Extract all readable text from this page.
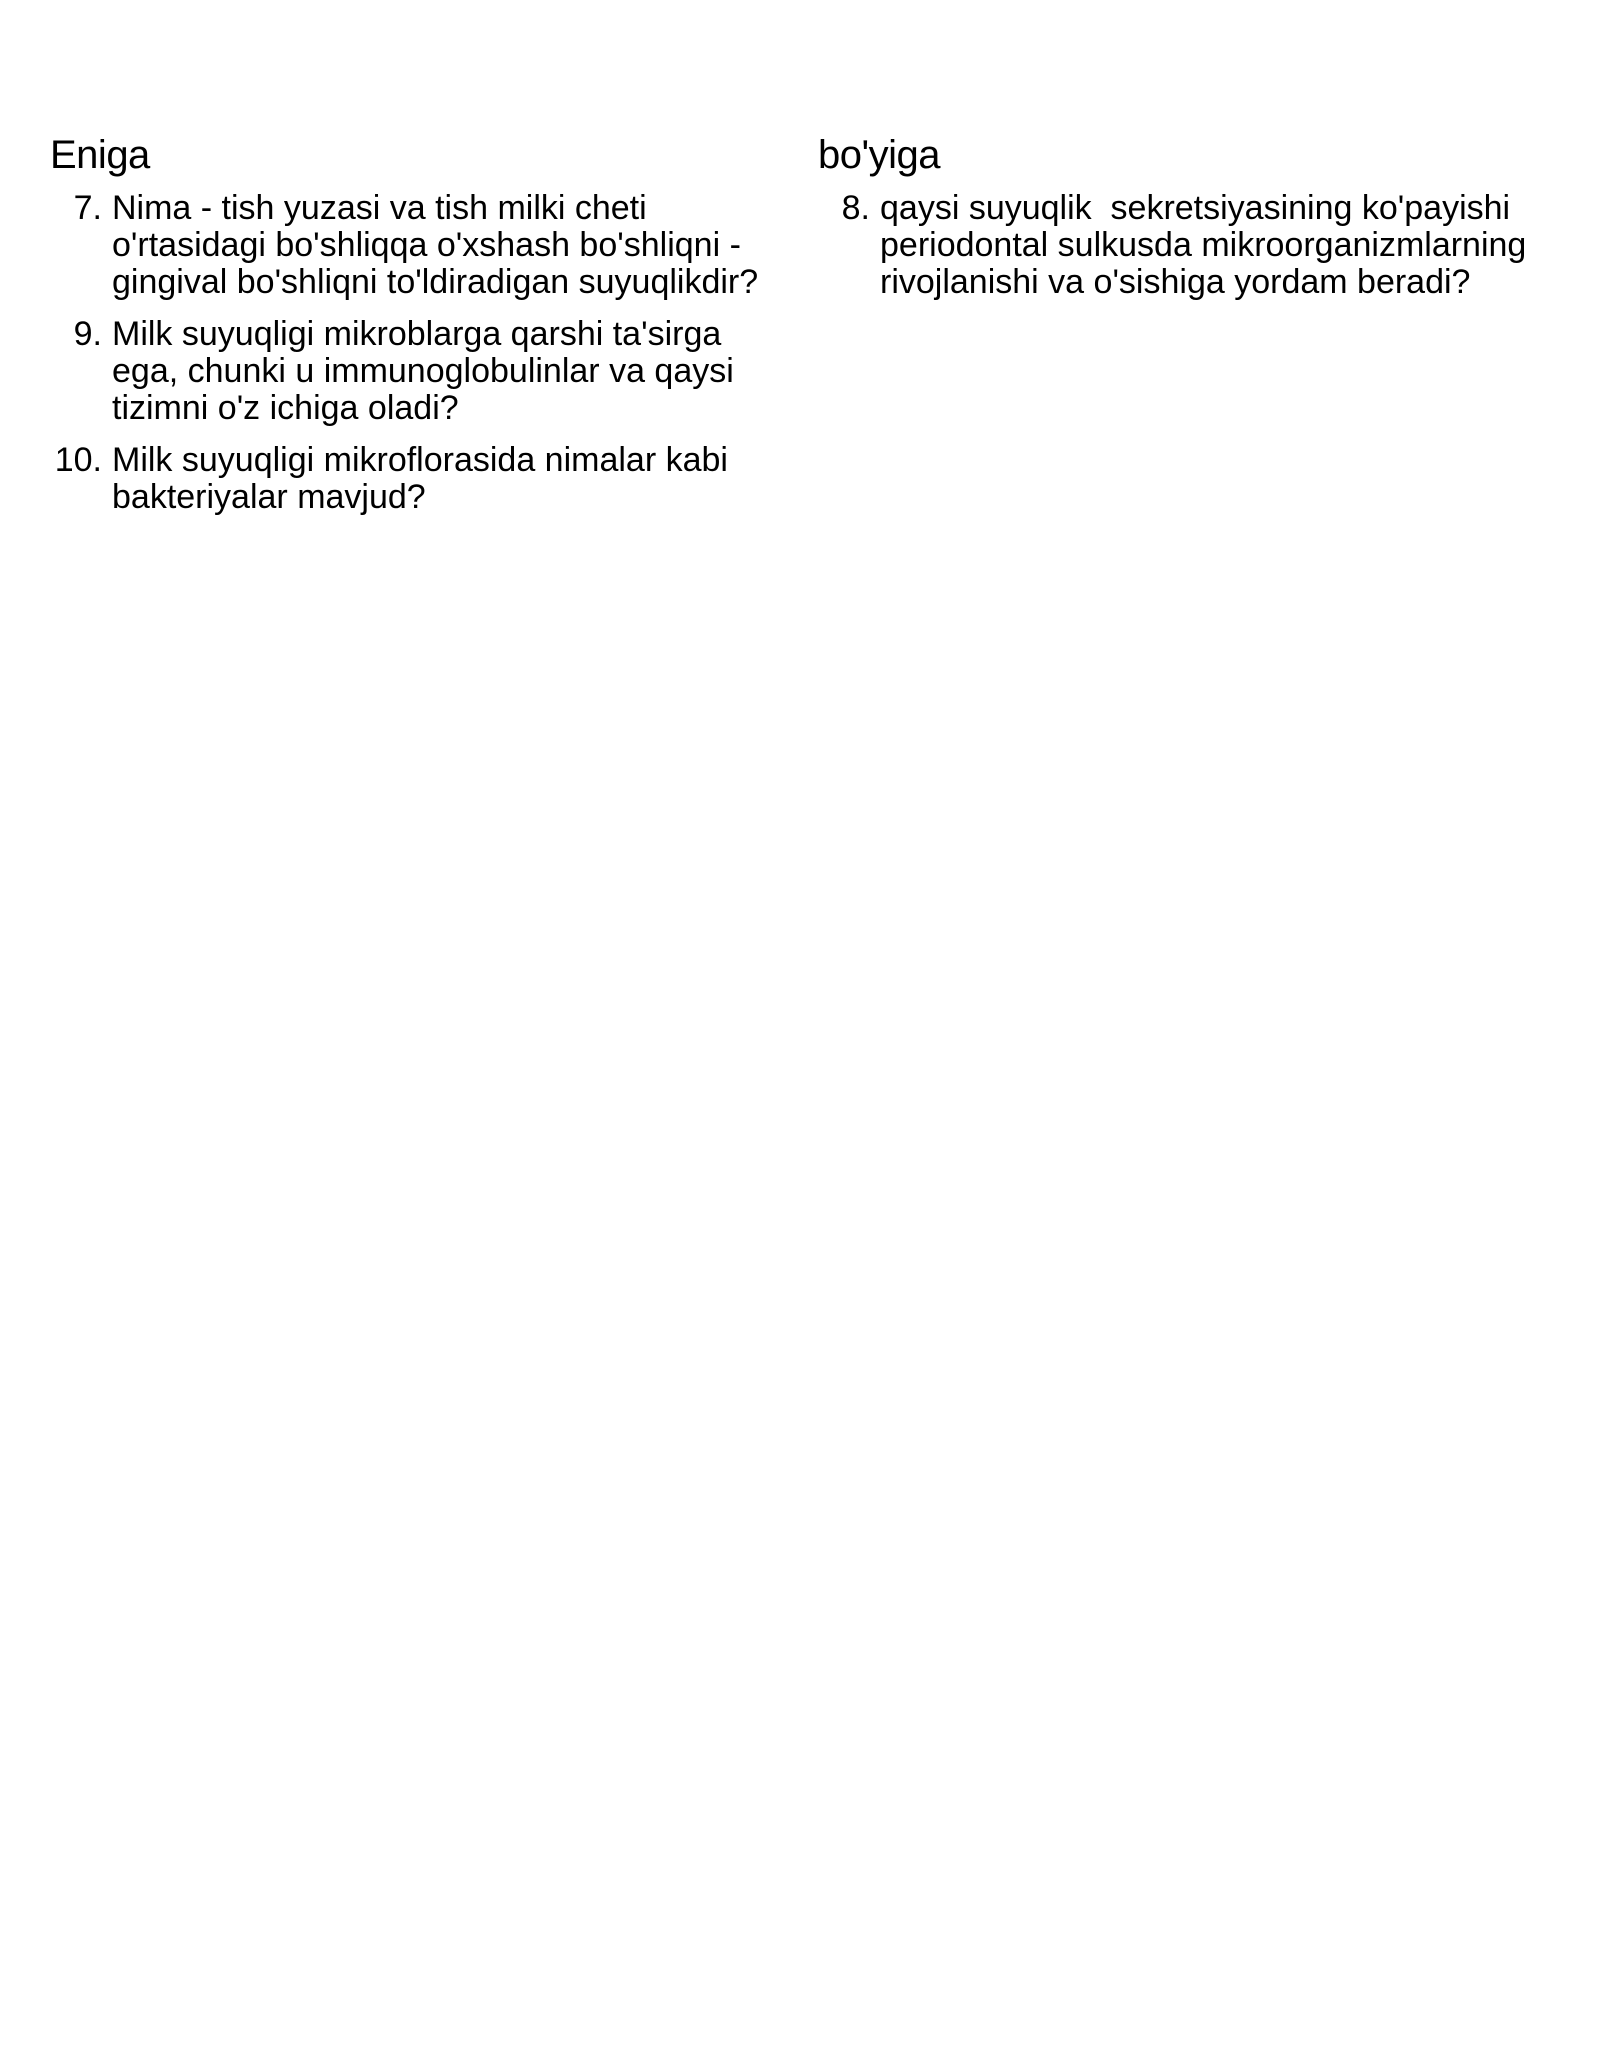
Eniga
7. Nima - tish yuzasi va tish milki cheti o'rtasidagi bo'shliqqa o'xshash bo'shliqni - gingival bo'shliqni to'ldiradigan suyuqlikdir?
9. Milk suyuqligi mikroblarga qarshi ta'sirga ega, chunki u immunoglobulinlar va qaysi tizimni o'z ichiga oladi?
10. Milk suyuqligi mikroflorasida nimalar kabi bakteriyalar mavjud?
bo'yiga
8. qaysi suyuqlik  sekretsiyasining ko'payishi periodontal sulkusda mikroorganizmlarning rivojlanishi va o'sishiga yordam beradi?
